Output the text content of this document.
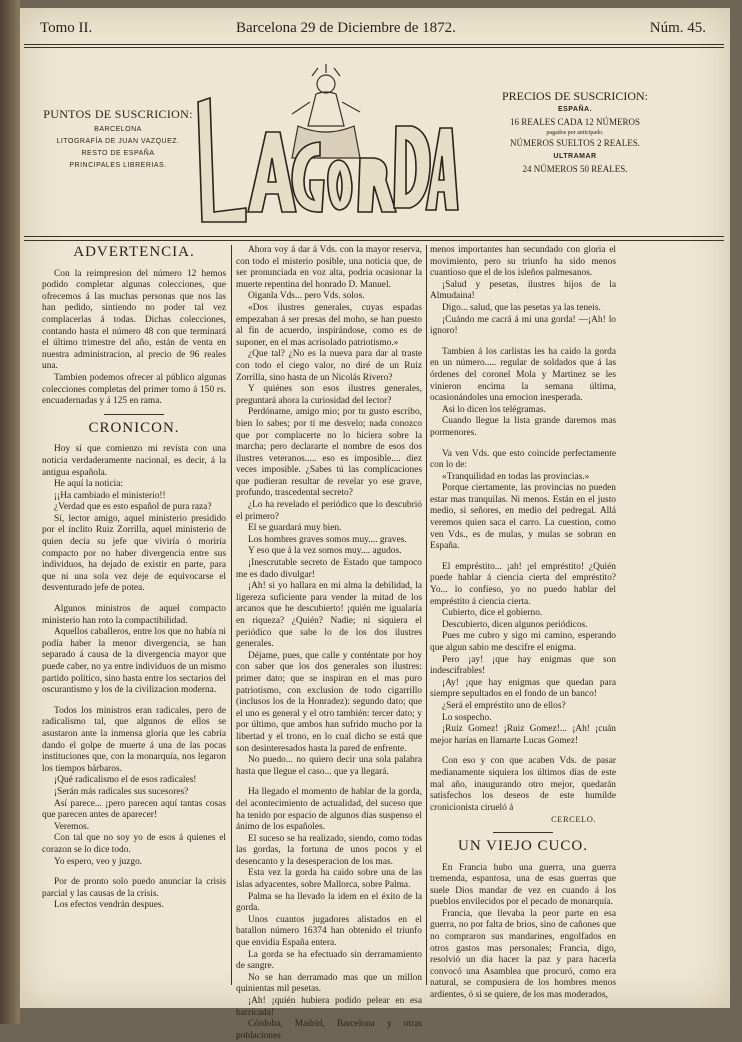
Tomo II.	Barcelona 29 de Diciembre de 1872.	Núm. 45.
PUNTOS DE SUSCRICION:
BARCELONA
LITOGRAFÍA DE JUAN VAZQUEZ.
RESTO DE ESPAÑA
PRINCIPALES LIBRERIAS.
PRECIOS DE SUSCRICION:
ESPAÑA.
16 REALES CADA 12 NÚMEROS
pagados por anticipado.
NÚMEROS SUELTOS 2 REALES.
ULTRAMAR
24 NÚMEROS 50 REALES.
ADVERTENCIA.

Con la reimpresion del número 12 hemos podido completar algunas colecciones, que ofrecemos á las muchas personas que nos las han pedido, sintiendo no poder tal vez complacerlas á todas. Dichas colecciones, contando hasta el número 48 con que terminará el último trimestre del año, están de venta en nuestra administracion, al precio de 96 reales una.

Tambien podemos ofrecer al público algunas colecciones completas del primer tomo á 150 rs. encuadernadas y á 125 en rama.

CRONICON.

Hoy sí que comienzo mi revista con una noticia verdaderamente nacional, es decir, á la antigua española.

He aquí la noticia:

¡¡Ha cambiado el ministerio!!

¿Verdad que es esto español de pura raza?

Sí, lector amigo, aquel ministerio presidido por el ínclito Ruiz Zorrilla, aquel ministerio de quien decía su jefe que viviría ó moriría compacto por no haber divergencia entre sus individuos, ha dejado de existir en parte, para que ni una sola vez deje de equivocarse el desventurado jefe de potea.

Algunos ministros de aquel compacto ministerio han roto la compactibilidad.

Aquellos caballeros, entre los que no había ni podía haber la menor divergencia, se han separado á causa de la divergencia mayor que puede caber, no ya entre individuos de un mismo partido político, sino hasta entre los sectarios del oscurantismo y los de la civilizacion moderna.

Todos los ministros eran radicales, pero de radicalismo tal, que algunos de ellos se asustaron ante la inmensa gloria que les cabría dando el golpe de muerte á una de las pocas instituciones que, con la monarquía, nos legaron los tiempos bárbaros.

¡Qué radicalismo el de esos radicales!

¡Serán más radicales sus sucesores?

Así parece... ¡pero parecen aquí tantas cosas que parecen antes de aparecer!

Veremos.

Con tal que no soy yo de esos á quienes el corazon se lo dice todo.

Yo espero, veo y juzgo.

Por de pronto solo puedo anunciar la crisis parcial y las causas de la crisis.

Los efectos vendrán despues.

Ahora voy á dar á Vds. con la mayor reserva, con todo el misterio posible, una noticia que, de ser pronunciada en voz alta, podria ocasionar la muerte repentina del honrado D. Manuel.

Oiganla Vds... pero Vds. solos.

«Dos ilustres generales, cuyas espadas empezaban á ser presas del moho, se han puesto al fin de acuerdo, inspirándose, como es de suponer, en el mas acrisolado patriotismo.»

¿Que tal? ¿No es la nueva para dar al traste con todo el ciego valor, no diré de un Ruiz Zorrilla, sino hasta de un Nicolás Rivero?

Y quiénes son esos ilustres generales, preguntará ahora la curiosidad del lector?

Perdóname, amigo mio; por tu gusto escribo, bien lo sabes; por tí me desvelo; nada conozco que por complacerte no lo hiciera sobre la marcha; pero declararte el nombre de esos dos ilustres veteranos..... eso es imposible.... diez veces imposible. ¿Sabes tú las complicaciones que pudieran resultar de revelar yo ese grave, profundo, trascedental secreto?

¿Lo ha revelado el periódico que lo descubrió el primero?

El se guardará muy bien.

Los hombres graves somos muy.... graves.

Y eso que á la vez somos muy.... agudos.

¡Inescrutable secreto de Estado que tampoco me es dado divulgar!

¡Ah! si yo hallara en mi alma la debilidad, la ligereza suficiente para vender la mitad de los arcanos que he descubierto! ¡quién me igualaría en riqueza? ¿Quién? Nadie; ni siquiera el periódico que sabe lo de los dos ilustres generales.

Déjame, pues, que calle y conténtate por hoy con saber que los dos generales son ilustres: primer dato; que se inspiran en el mas puro patriotismo, con exclusion de todo cigarrillo (inclusos los de la Honradez): segundo dato; que el uno es general y el otro también: tercer dato; y por último, que ambos han sufrido mucho por la libertad y el trono, en lo cual dicho se está que son desinteresados hasta la pared de enfrente.

No puedo... no quiero decir una sola palabra hasta que llegue el caso... que ya llegará.

Ha llegado el momento de hablar de la gorda, del acontecimiento de actualidad, del suceso que ha tenido por espacio de algunos días suspenso el ánimo de los españoles.

El suceso se ha realizado, siendo, como todas las gordas, la fortuna de unos pocos y el desencanto y la desesperacion de los mas.

Esta vez la gorda ha caido sobre una de las islas adyacentes, sobre Mallorca, sobre Palma.

Palma se ha llevado la idem en el éxito de la gorda.

Unos cuantos jugadores alistados en el batallon número 16374 han obtenido el triunfo que envidia España entera.

La gorda se ha efectuado sin derramamiento de sangre.

No se han derramado mas que un millon quinientas mil pesetas.

¡Ah! ¡quién hubiera podido pelear en esa barricada!

Córdoba, Madrid, Barcelona y otras poblaciones

menos importantes han secundado con gloria el movimiento, pero su triunfo ha sido menos cuantioso que el de los isleños palmesanos.

¡Salud y pesetas, ilustres hijos de la Almudaina!

Digo... salud, que las pesetas ya las teneis.

¡Cuándo me cacrá á mí una gorda! —¡Ah! lo ignoro!

Tambien á los carlistas les ha caido la gorda en un número..... regular de soldados que á las órdenes del coronel Mola y Martinez se les vinieron encima la semana última, ocasionándoles una emocion inesperada.

Asi lo dicen los telégramas.

Cuando llegue la lista grande daremos mas pormenores.

Va ven Vds. que esto coincide perfectamente con lo de:

«Tranquilidad en todas las provincias.»

Porque ciertamente, las provincias no pueden estar mas tranquilas. Ni menos. Están en el justo medio, si señores, en medio del pedregal. Allá veremos quien saca el carro. La cuestion, como ven Vds., es de mulas, y mulas se sobran en España.

El empréstito... ¡ah! ¡el empréstito! ¿Quién puede hablar á ciencia cierta del empréstito? Yo... lo confieso, yo no puedo hablar del empréstito á ciencia cierta.

Cubierto, dice el gobierno.

Descubierto, dicen algunos periódicos.

Pues me cubro y sigo mi camino, esperando que algun sabio me descifre el enigma.

Pero ¡ay! ¡que hay enigmas que son indescifrables!

¡Ay! ¡que hay enigmas que quedan para siempre sepultados en el fondo de un banco!

¿Será el empréstito uno de ellos?

Lo sospecho.

¡Ruiz Gomez! ¡Ruiz Gomez!... ¡Ah! ¡cuán mejor harías en llamarte Lucas Gomez!

Con eso y con que acaben Vds. de pasar medianamente siquiera los últimos días de este mal año, inaugurando otro mejor, quedarán satisfechos los deseos de este humilde cronicionista cirueló á

CERCELO.
UN VIEJO CUCO.

En Francia hubo una guerra, una guerra tremenda, espantosa, una de esas guerras que suele Dios mandar de vez en cuando á los pueblos envilecidos por el pecado de monarquía.

Francia, que llevaba la peor parte en esa guerra, no por falta de brios, sino de cañones que no compraron sus mandarines, engolfados en otros gastos mas personales; Francia, digo, resolvió un dia hacer la paz y para hacerla convocó una Asamblea que procuró, como era natural, se compusiera de los hombres menos ardientes, ó si se quiere, de los mas moderados,
